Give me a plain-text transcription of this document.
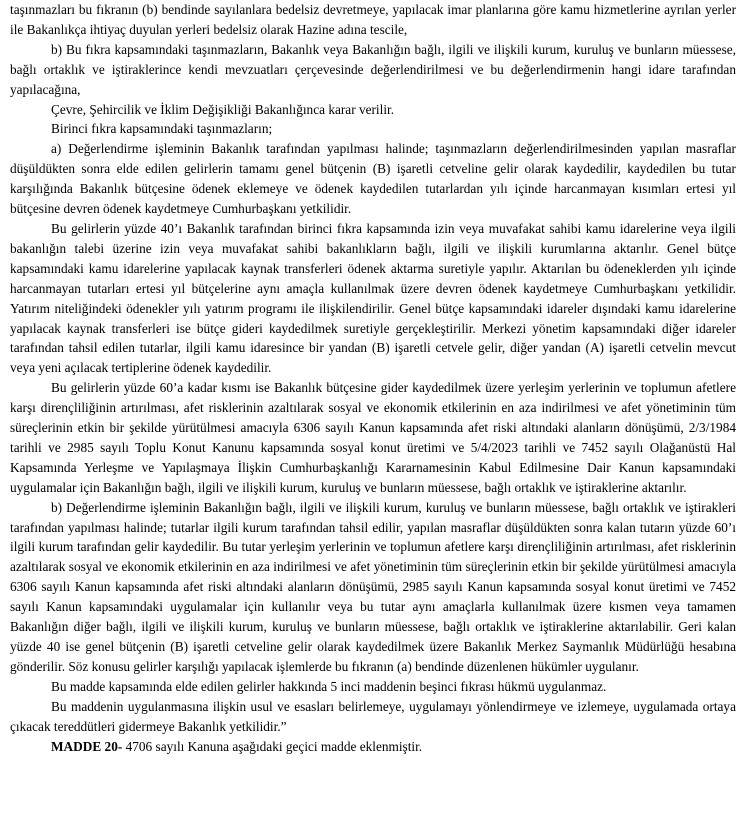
taşınmazları bu fıkranın (b) bendinde sayılanlara bedelsiz devretmeye, yapılacak imar planlarına göre kamu hizmetlerine ayrılan yerler ile Bakanlıkça ihtiyaç duyulan yerleri bedelsiz olarak Hazine adına tescile,

b) Bu fıkra kapsamındaki taşınmazların, Bakanlık veya Bakanlığın bağlı, ilgili ve ilişkili kurum, kuruluş ve bunların müessese, bağlı ortaklık ve iştiraklerince kendi mevzuatları çerçevesinde değerlendirilmesi ve bu değerlendirmenin hangi idare tarafından yapılacağına,

Çevre, Şehircilik ve İklim Değişikliği Bakanlığınca karar verilir.

Birinci fıkra kapsamındaki taşınmazların;

a) Değerlendirme işleminin Bakanlık tarafından yapılması halinde; taşınmazların değerlendirilmesinden yapılan masraflar düşüldükten sonra elde edilen gelirlerin tamamı genel bütçenin (B) işaretli cetveline gelir olarak kaydedilir, kaydedilen bu tutar karşılığında Bakanlık bütçesine ödenek eklemeye ve ödenek kaydedilen tutarlardan yılı içinde harcanmayan kısımları ertesi yıl bütçesine devren ödenek kaydetmeye Cumhurbaşkanı yetkilidir.

Bu gelirlerin yüzde 40’ı Bakanlık tarafından birinci fıkra kapsamında izin veya muvafakat sahibi kamu idarelerine veya ilgili bakanlığın talebi üzerine izin veya muvafakat sahibi bakanlıkların bağlı, ilgili ve ilişkili kurumlarına aktarılır. Genel bütçe kapsamındaki kamu idarelerine yapılacak kaynak transferleri ödenek aktarma suretiyle yapılır. Aktarılan bu ödeneklerden yılı içinde harcanmayan tutarları ertesi yıl bütçelerine aynı amaçla kullanılmak üzere devren ödenek kaydetmeye Cumhurbaşkanı yetkilidir. Yatırım niteliğindeki ödenekler yılı yatırım programı ile ilişkilendirilir. Genel bütçe kapsamındaki idareler dışındaki kamu idarelerine yapılacak kaynak transferleri ise bütçe gideri kaydedilmek suretiyle gerçekleştirilir. Merkezi yönetim kapsamındaki diğer idareler tarafından tahsil edilen tutarlar, ilgili kamu idaresince bir yandan (B) işaretli cetvele gelir, diğer yandan (A) işaretli cetvelin mevcut veya yeni açılacak tertiplerine ödenek kaydedilir.

Bu gelirlerin yüzde 60’a kadar kısmı ise Bakanlık bütçesine gider kaydedilmek üzere yerleşim yerlerinin ve toplumun afetlere karşı dirençliliğinin artırılması, afet risklerinin azaltılarak sosyal ve ekonomik etkilerinin en aza indirilmesi ve afet yönetiminin tüm süreçlerinin etkin bir şekilde yürütülmesi amacıyla 6306 sayılı Kanun kapsamında afet riski altındaki alanların dönüşümü, 2/3/1984 tarihli ve 2985 sayılı Toplu Konut Kanunu kapsamında sosyal konut üretimi ve 5/4/2023 tarihli ve 7452 sayılı Olağanüstü Hal Kapsamında Yerleşme ve Yapılaşmaya İlişkin Cumhurbaşkanlığı Kararnamesinin Kabul Edilmesine Dair Kanun kapsamındaki uygulamalar için Bakanlığın bağlı, ilgili ve ilişkili kurum, kuruluş ve bunların müessese, bağlı ortaklık ve iştiraklerine aktarılır.

b) Değerlendirme işleminin Bakanlığın bağlı, ilgili ve ilişkili kurum, kuruluş ve bunların müessese, bağlı ortaklık ve iştirakleri tarafından yapılması halinde; tutarlar ilgili kurum tarafından tahsil edilir, yapılan masraflar düşüldükten sonra kalan tutarın yüzde 60’ı ilgili kurum tarafından gelir kaydedilir. Bu tutar yerleşim yerlerinin ve toplumun afetlere karşı dirençliliğinin artırılması, afet risklerinin azaltılarak sosyal ve ekonomik etkilerinin en aza indirilmesi ve afet yönetiminin tüm süreçlerinin etkin bir şekilde yürütülmesi amacıyla 6306 sayılı Kanun kapsamında afet riski altındaki alanların dönüşümü, 2985 sayılı Kanun kapsamında sosyal konut üretimi ve 7452 sayılı Kanun kapsamındaki uygulamalar için kullanılır veya bu tutar aynı amaçlarla kullanılmak üzere kısmen veya tamamen Bakanlığın diğer bağlı, ilgili ve ilişkili kurum, kuruluş ve bunların müessese, bağlı ortaklık ve iştiraklerine aktarılabilir. Geri kalan yüzde 40 ise genel bütçenin (B) işaretli cetveline gelir olarak kaydedilmek üzere Bakanlık Merkez Saymanlık Müdürlüğü hesabına gönderilir. Söz konusu gelirler karşılığı yapılacak işlemlerde bu fıkranın (a) bendinde düzenlenen hükümler uygulanır.

Bu madde kapsamında elde edilen gelirler hakkında 5 inci maddenin beşinci fıkrası hükmü uygulanmaz.

Bu maddenin uygulanmasına ilişkin usul ve esasları belirlemeye, uygulamayı yönlendirmeye ve izlemeye, uygulamada ortaya çıkacak tereddütleri gidermeye Bakanlık yetkilidir.”

MADDE 20- 4706 sayılı Kanuna aşağıdaki geçici madde eklenmiştir.
